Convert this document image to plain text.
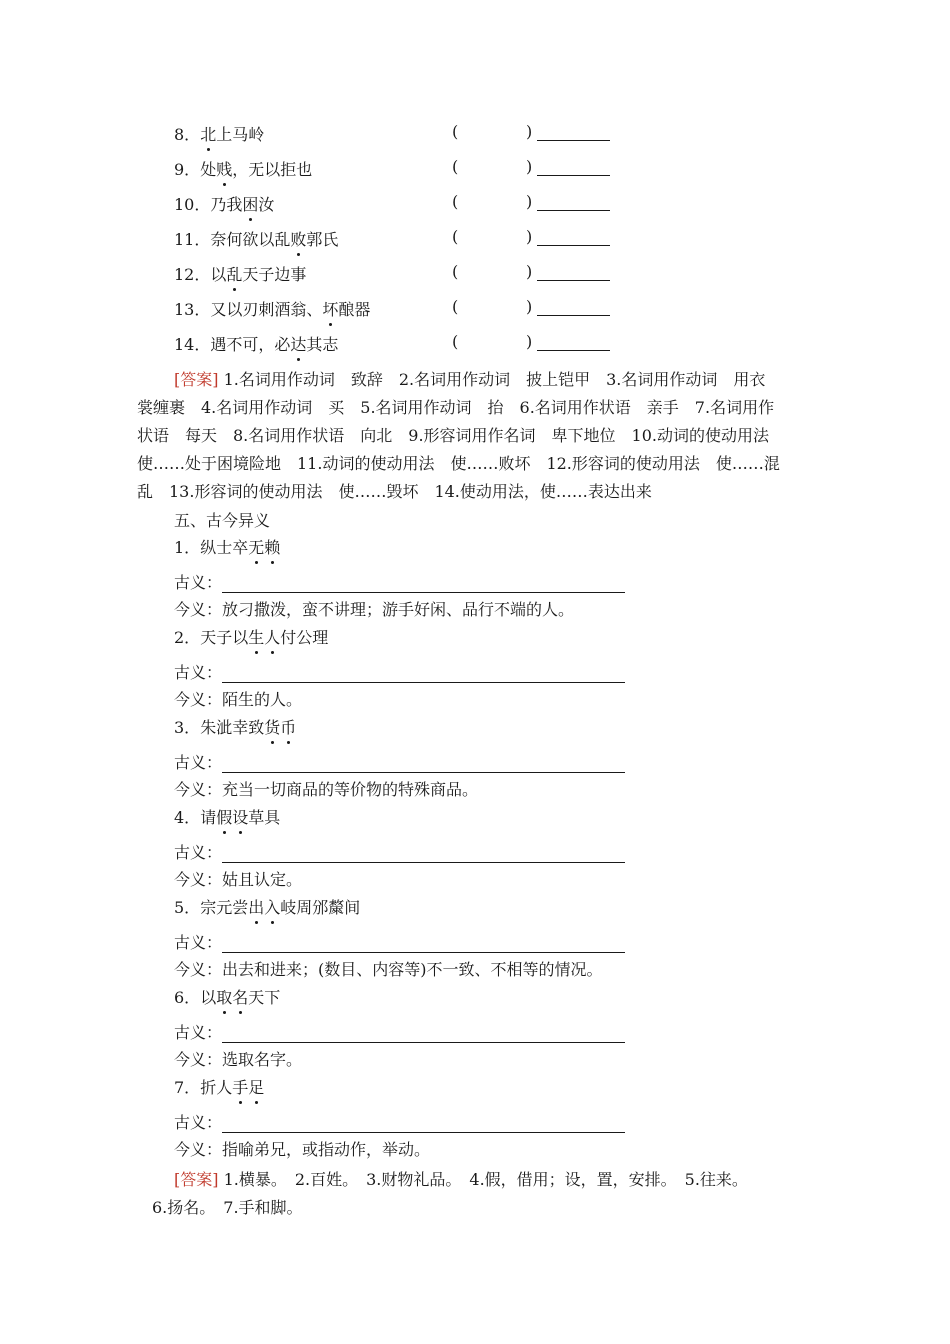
8．北上马岭	(	)
9．处贱，无以拒也	(	)
10．乃我困汝	(	)
11．奈何欲以乱败郭氏	(	)
12．以乱天子边事	(	)
13．又以刃刺酒翁、坏酿器	(	)
14．遇不可，必达其志	(	)
[答案] 1.名词用作动词　致辞　2.名词用作动词　披上铠甲　3.名词用作动词　用衣
裳缠裹　4.名词用作动词　买　5.名词用作动词　抬　6.名词用作状语　亲手　7.名词用作
状语　每天　8.名词用作状语　向北　9.形容词用作名词　卑下地位　10.动词的使动用法
使……处于困境险地　11.动词的使动用法　使……败坏　12.形容词的使动用法　使……混
乱　13.形容词的使动用法　使……毁坏　14.使动用法，使……表达出来
五、古今异义
1．纵士卒无赖
古义：
今义：放刁撒泼，蛮不讲理；游手好闲、品行不端的人。
2．天子以生人付公理
古义：
今义：陌生的人。
3．朱泚幸致货币
古义：
今义：充当一切商品的等价物的特殊商品。
4．请假设草具
古义：
今义：姑且认定。
5．宗元尝出入岐周邠斄间
古义：
今义：出去和进来；(数目、内容等)不一致、不相等的情况。
6．以取名天下
古义：
今义：选取名字。
7．折人手足
古义：
今义：指喻弟兄，或指动作，举动。
[答案] 1.横暴。　2.百姓。　3.财物礼品。　4.假，借用；设，置，安排。　5.往来。
6.扬名。　7.手和脚。
